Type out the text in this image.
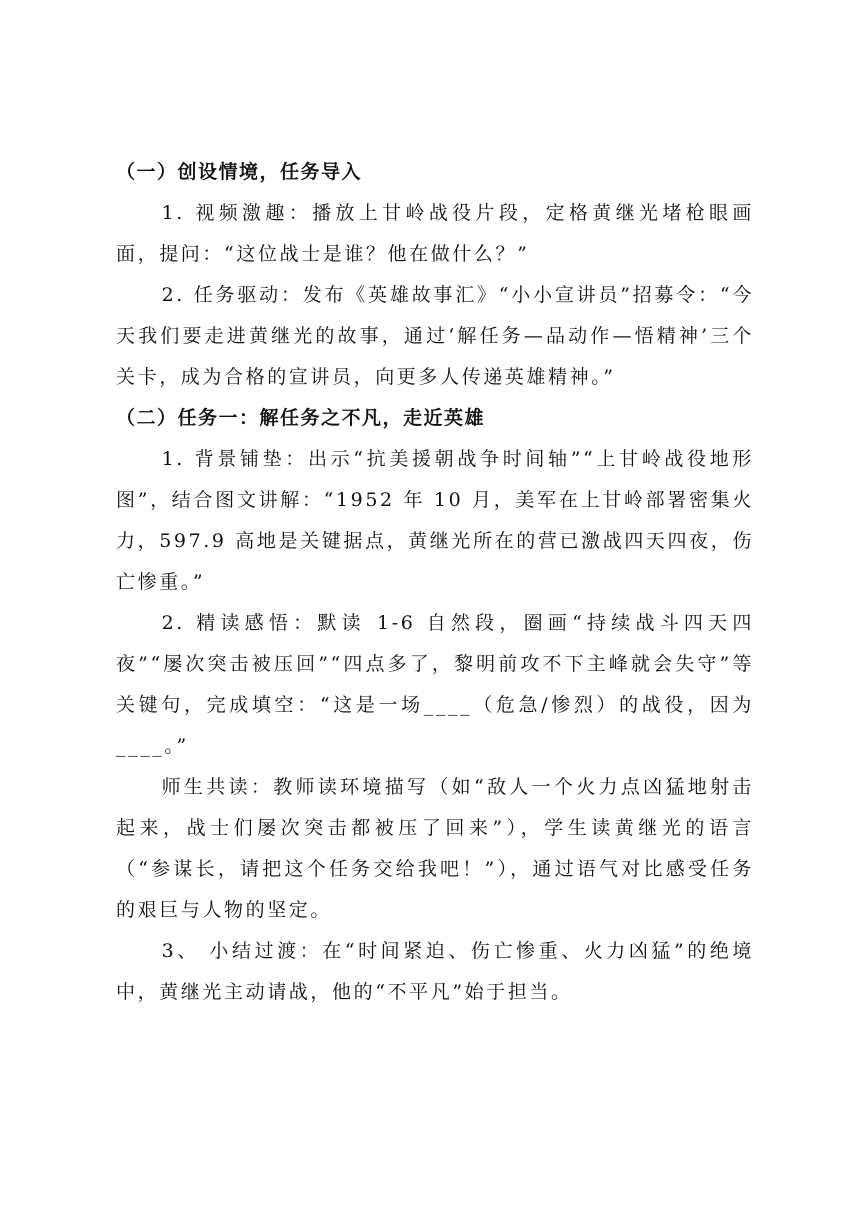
（一）创设情境，任务导入

1. 视频激趣：播放上甘岭战役片段，定格黄继光堵枪眼画面，提问：“这位战士是谁？他在做什么？”

2. 任务驱动：发布《英雄故事汇》“小小宣讲员”招募令：“今天我们要走进黄继光的故事，通过‘解任务—品动作—悟精神’三个关卡，成为合格的宣讲员，向更多人传递英雄精神。”

（二）任务一：解任务之不凡，走近英雄

1. 背景铺垫：出示“抗美援朝战争时间轴”“上甘岭战役地形图”，结合图文讲解：“1952 年 10 月，美军在上甘岭部署密集火力，597.9 高地是关键据点，黄继光所在的营已激战四天四夜，伤亡惨重。”

2. 精读感悟：默读 1-6 自然段，圈画“持续战斗四天四夜”“屡次突击被压回”“四点多了，黎明前攻不下主峰就会失守”等关键句，完成填空：“这是一场____（危急/惨烈）的战役，因为____。”

师生共读：教师读环境描写（如“敌人一个火力点凶猛地射击起来，战士们屡次突击都被压了回来”），学生读黄继光的语言（“参谋长，请把这个任务交给我吧！”），通过语气对比感受任务的艰巨与人物的坚定。

3、 小结过渡：在“时间紧迫、伤亡惨重、火力凶猛”的绝境中，黄继光主动请战，他的“不平凡”始于担当。
